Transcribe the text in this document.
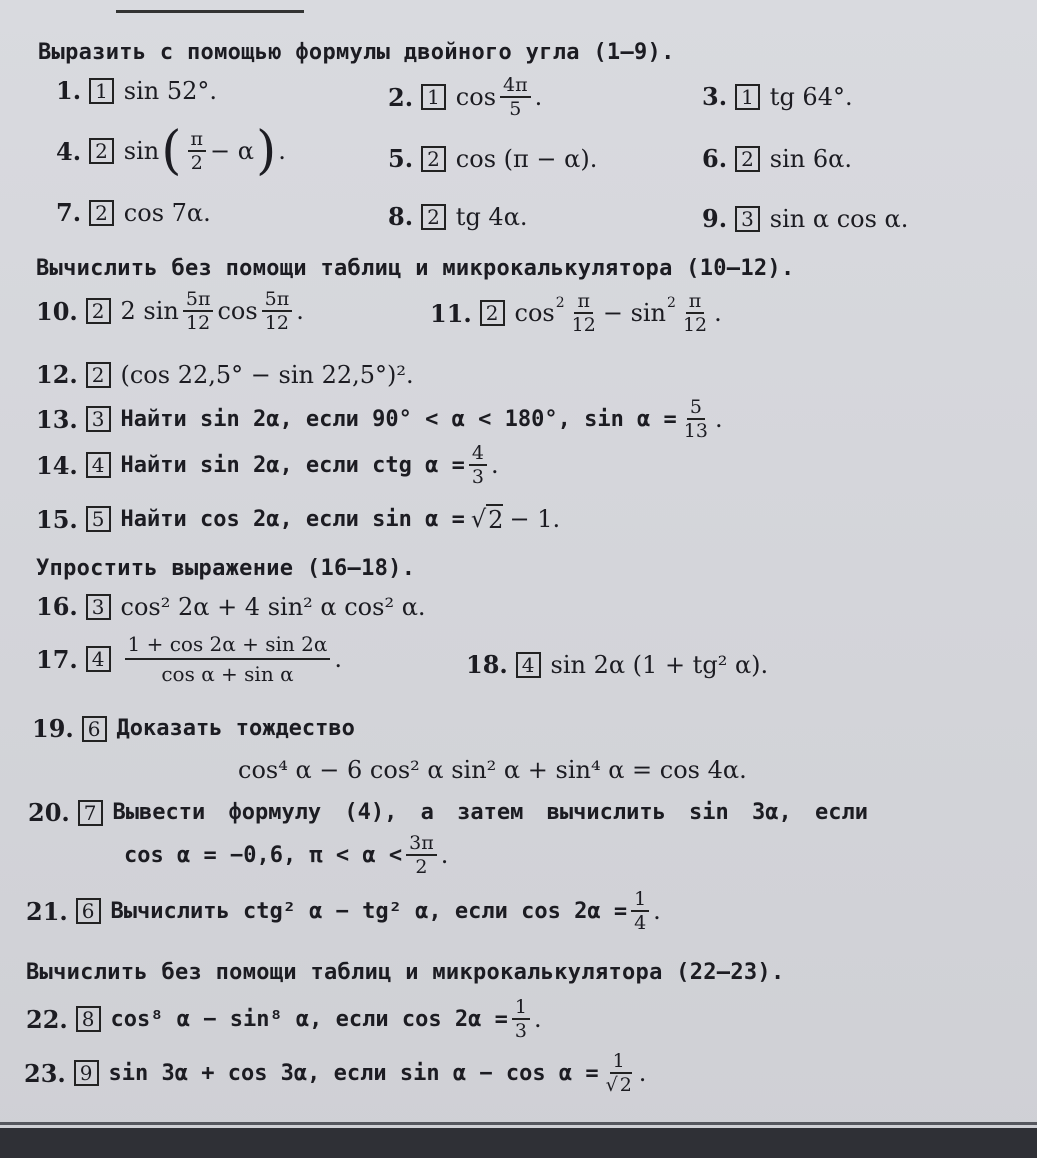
Выразить с помощью формулы двойного угла (1—9).
1. 1 sin 52°.	2. 1 $\cos \frac{4\pi}{5}$ .	3. 1 tg 64°.
4. 2 sin ( $\frac{\pi}{2} - \alpha$ ) .	5. 2 cos (π − α).	6. 2 sin 6α.
7. 2 cos 7α.	8. 2 tg 4α.	9. 3 sin α cos α.
Вычислить без помощи таблиц и микрокалькулятора (10—12).
10. 2 2 $\sin \frac{5\pi}{12}$ $\cos \frac{5\pi}{12}$ .	11. 2 $\cos 2 \frac{\pi}{12} - \sin 2 \frac{\pi}{12}$ .
12. 2 (cos 22,5° − sin 22,5°)².
13. 3 Найти sin 2α, если 90° < α < 180°, $\sin \alpha = \frac{5}{13}$ .
14. 4 Найти sin 2α, если ctg $\alpha = \frac{4}{3}$ .
15. 5 Найти cos 2α, если sin α = √ 2 − 1.
Упростить выражение (16—18).
16. 3 cos² 2α + 4 sin² α cos² α.
17. 4	$\frac{1 + \cos 2\alpha + \sin 2\alpha}{\text{cos α + sin α}}$ .	18. 4 sin 2α (1 + tg² α).
19. 6 Доказать тождество
cos⁴ α − 6 cos² α sin² α + sin⁴ α = cos 4α.
20. 7 Вывести формулу (4), а затем вычислить sin 3α, если
cos α = −0,6, $\pi < \alpha < \frac{3\pi}{2}$ .
21. 6 Вычислить ctg² α − tg² α, если $\cos 2\alpha = \frac{1}{4}$ .
Вычислить без помощи таблиц и микрокалькулятора (22—23).
22. 8 cos⁸ α − sin⁸ α, если $\cos 2\alpha = \frac{1}{3}$ .
23. 9 sin 3α + cos 3α, если $\sin \alpha - \cos \alpha = \frac{1}{√ 2}$ .
